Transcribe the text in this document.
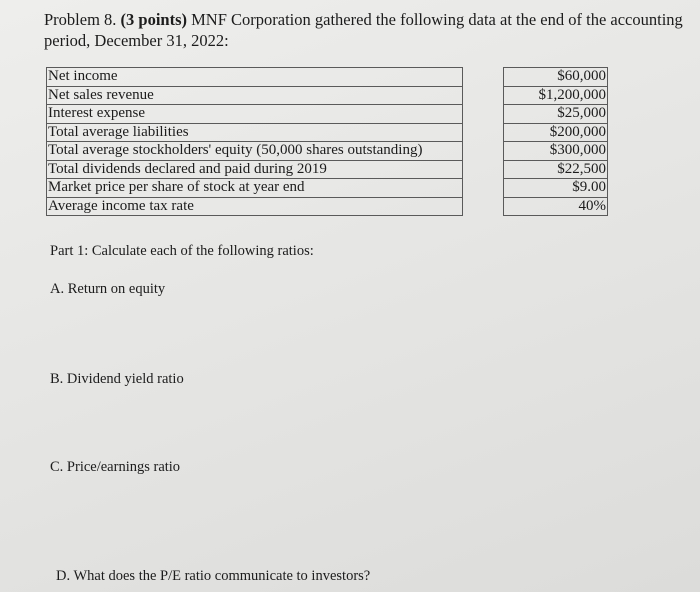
Problem 8. (3 points) MNF Corporation gathered the following data at the end of the accounting period, December 31, 2022:

Net income		$60,000
Net sales revenue		$1,200,000
Interest expense		$25,000
Total average liabilities		$200,000
Total average stockholders' equity (50,000 shares outstanding)		$300,000
Total dividends declared and paid during 2019		$22,500
Market price per share of stock at year end		$9.00
Average income tax rate		40%

Part 1: Calculate each of the following ratios:

A. Return on equity

B. Dividend yield ratio

C. Price/earnings ratio

D. What does the P/E ratio communicate to investors?
